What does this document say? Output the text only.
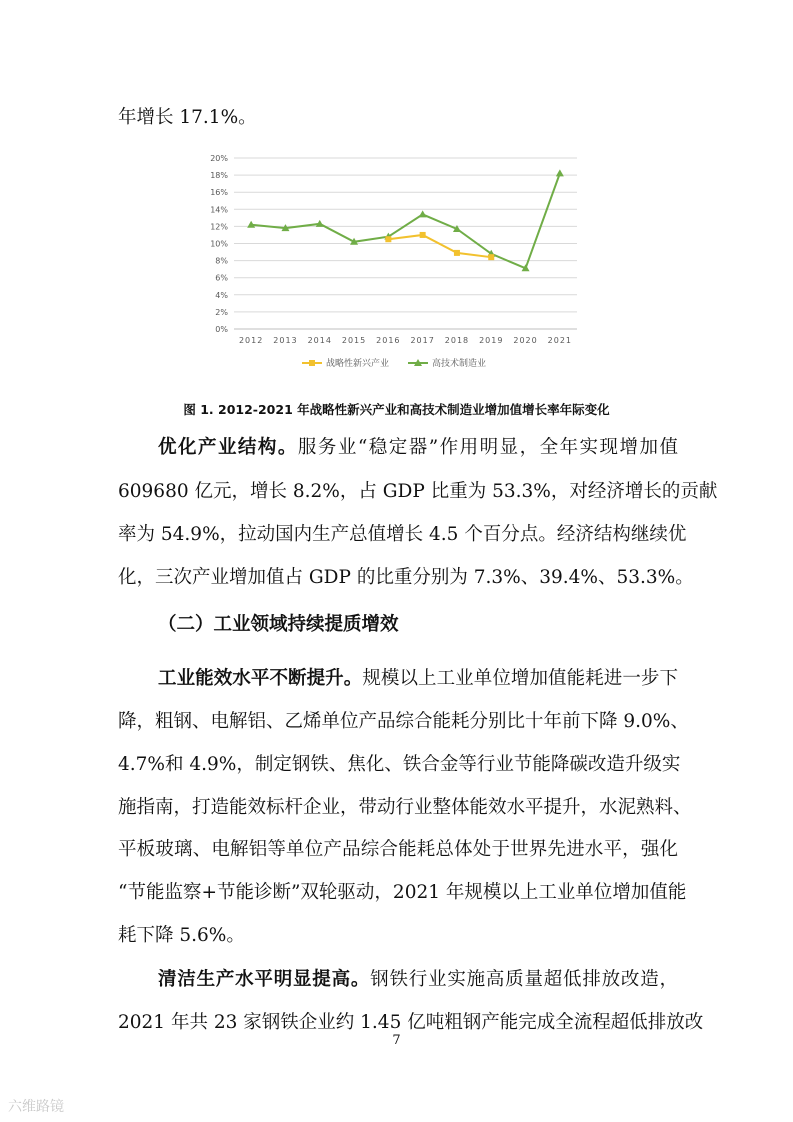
年增长 17.1%。
0%
2%
4%
6%
8%
10%
12%
14%
16%
18%
20%
2012 2013 2014 2015 2016 2017 2018 2019 2020 2021
战略性新兴产业	高技术制造业
图 1. 2012-2021 年战略性新兴产业和高技术制造业增加值增长率年际变化
优化产业结构。服务业“稳定器”作用明显，全年实现增加值
609680 亿元，增长 8.2%，占 GDP 比重为 53.3%，对经济增长的贡献
率为 54.9%，拉动国内生产总值增长 4.5 个百分点。经济结构继续优
化，三次产业增加值占 GDP 的比重分别为 7.3%、39.4%、53.3%。
（二）工业领域持续提质增效
工业能效水平不断提升。规模以上工业单位增加值能耗进一步下
降，粗钢、电解铝、乙烯单位产品综合能耗分别比十年前下降 9.0%、
4.7%和 4.9%，制定钢铁、焦化、铁合金等行业节能降碳改造升级实
施指南，打造能效标杆企业，带动行业整体能效水平提升，水泥熟料、
平板玻璃、电解铝等单位产品综合能耗总体处于世界先进水平，强化
“节能监察+节能诊断”双轮驱动，2021 年规模以上工业单位增加值能
耗下降 5.6%。
清洁生产水平明显提高。钢铁行业实施高质量超低排放改造，
2021 年共 23 家钢铁企业约 1.45 亿吨粗钢产能完成全流程超低排放改
7
六维路镜
